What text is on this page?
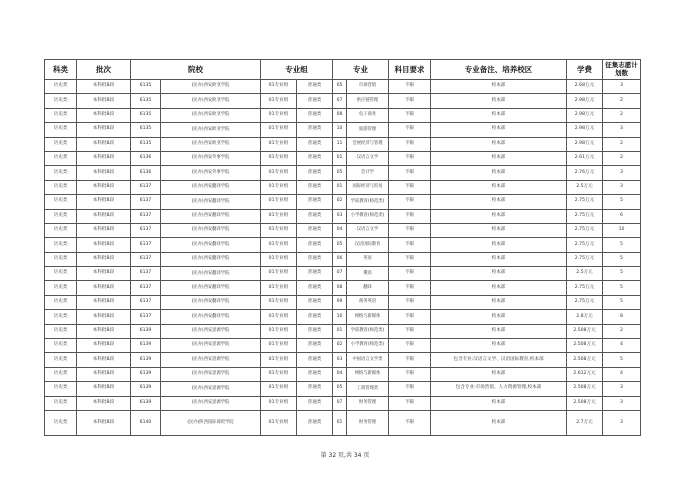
科类	批次	院校		专业组		专业		科目要求	专业备注、培养校区	学费	征集志愿计划数
历史类	本科批B段	6135	(民办)西安欧亚学院	01专业组	普通类	05	市场营销	不限	校本部	2.68万元	3
历史类	本科批B段	6135	(民办)西安欧亚学院	01专业组	普通类	07	供应链管理	不限	校本部	2.98万元	2
历史类	本科批B段	6135	(民办)西安欧亚学院	01专业组	普通类	08	电子商务	不限	校本部	2.98万元	2
历史类	本科批B段	6135	(民办)西安欧亚学院	01专业组	普通类	10	旅游管理	不限	校本部	2.98万元	3
历史类	本科批B段	6135	(民办)西安欧亚学院	01专业组	普通类	11	会展经济与管理	不限	校本部	2.98万元	2
历史类	本科批B段	6136	(民办)西安外事学院	01专业组	普通类	01	汉语言文学	不限	校本部	2.61万元	2
历史类	本科批B段	6136	(民办)西安外事学院	01专业组	普通类	05	会计学	不限	校本部	2.76万元	3
历史类	本科批B段	6137	(民办)西安翻译学院	01专业组	普通类	01	国际经济与贸易	不限	校本部	2.5万元	3
历史类	本科批B段	6137	(民办)西安翻译学院	01专业组	普通类	02	学前教育(师范类)	不限	校本部	2.75万元	5
历史类	本科批B段	6137	(民办)西安翻译学院	01专业组	普通类	03	小学教育(师范类)	不限	校本部	2.75万元	6
历史类	本科批B段	6137	(民办)西安翻译学院	01专业组	普通类	04	汉语言文学	不限	校本部	2.75万元	10
历史类	本科批B段	6137	(民办)西安翻译学院	01专业组	普通类	05	汉语国际教育	不限	校本部	2.75万元	5
历史类	本科批B段	6137	(民办)西安翻译学院	01专业组	普通类	06	英语	不限	校本部	2.75万元	5
历史类	本科批B段	6137	(民办)西安翻译学院	01专业组	普通类	07	俄语	不限	校本部	2.5万元	5
历史类	本科批B段	6137	(民办)西安翻译学院	01专业组	普通类	08	翻译	不限	校本部	2.75万元	5
历史类	本科批B段	6137	(民办)西安翻译学院	01专业组	普通类	09	商务英语	不限	校本部	2.75万元	5
历史类	本科批B段	6137	(民办)西安翻译学院	01专业组	普通类	10	网络与新媒体	不限	校本部	2.8万元	8
历史类	本科批B段	6139	(民办)西安思源学院	01专业组	普通类	01	学前教育(师范类)	不限	校本部	2.508万元	2
历史类	本科批B段	6139	(民办)西安思源学院	01专业组	普通类	02	小学教育(师范类)	不限	校本部	2.508万元	4
历史类	本科批B段	6139	(民办)西安思源学院	01专业组	普通类	03	中国语言文学类	不限	包含专业:汉语言文学、汉语国际教育,校本部	2.508万元	5
历史类	本科批B段	6139	(民办)西安思源学院	01专业组	普通类	04	网络与新媒体	不限	校本部	2.612万元	4
历史类	本科批B段	6139	(民办)西安思源学院	01专业组	普通类	05	工商管理类	不限	包含专业:市场营销、人力资源管理,校本部	2.508万元	3
历史类	本科批B段	6139	(民办)西安思源学院	01专业组	普通类	07	财务管理	不限	校本部	2.508万元	3
历史类	本科批B段	6140	(民办)陕西国际商贸学院	01专业组	普通类	01	财务管理	不限	校本部	2.7万元	3
第 32 页,共 34 页
